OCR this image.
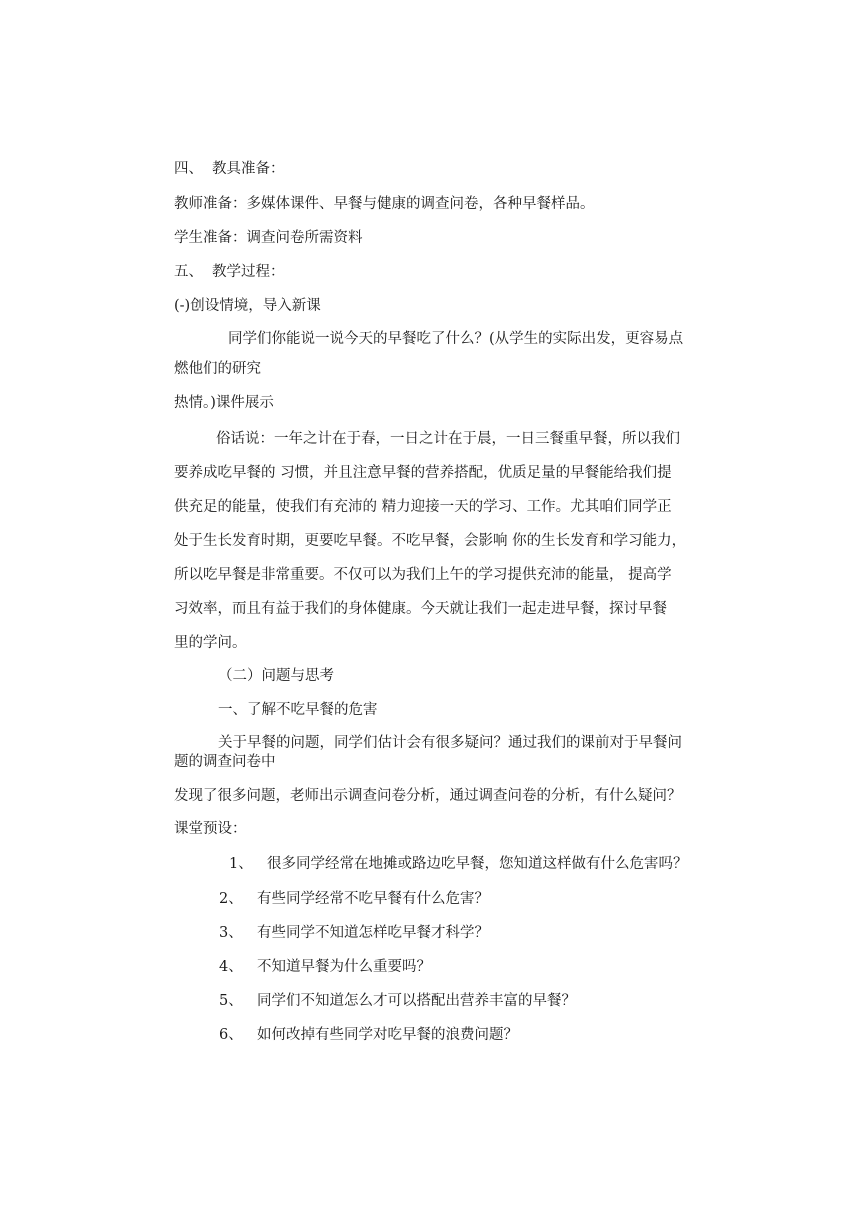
四、 教具准备：
教师准备：多媒体课件、早餐与健康的调查问卷，各种早餐样品。
学生准备：调查问卷所需资料
五、 教学过程：
(-)创设情境，导入新课
同学们你能说一说今天的早餐吃了什么？(从学生的实际出发，更容易点
燃他们的研究
热情。)课件展示
俗话说：一年之计在于春，一日之计在于晨，一日三餐重早餐，所以我们
要养成吃早餐的 习惯，并且注意早餐的营养搭配，优质足量的早餐能给我们提
供充足的能量，使我们有充沛的 精力迎接一天的学习、工作。尤其咱们同学正
处于生长发育时期，更要吃早餐。不吃早餐，会影响 你的生长发育和学习能力，
所以吃早餐是非常重要。不仅可以为我们上午的学习提供充沛的能量， 提高学
习效率，而且有益于我们的身体健康。今天就让我们一起走进早餐，探讨早餐
里的学问。
（二）问题与思考
一、了解不吃早餐的危害
关于早餐的问题，同学们估计会有很多疑问？通过我们的课前对于早餐问
题的调查问卷中
发现了很多问题，老师出示调查问卷分析，通过调查问卷的分析，有什么疑问？
课堂预设：
1、 很多同学经常在地摊或路边吃早餐，您知道这样做有什么危害吗？
2、 有些同学经常不吃早餐有什么危害？
3、 有些同学不知道怎样吃早餐才科学？
4、 不知道早餐为什么重要吗？
5、 同学们不知道怎么才可以搭配出营养丰富的早餐？
6、 如何改掉有些同学对吃早餐的浪费问题？
